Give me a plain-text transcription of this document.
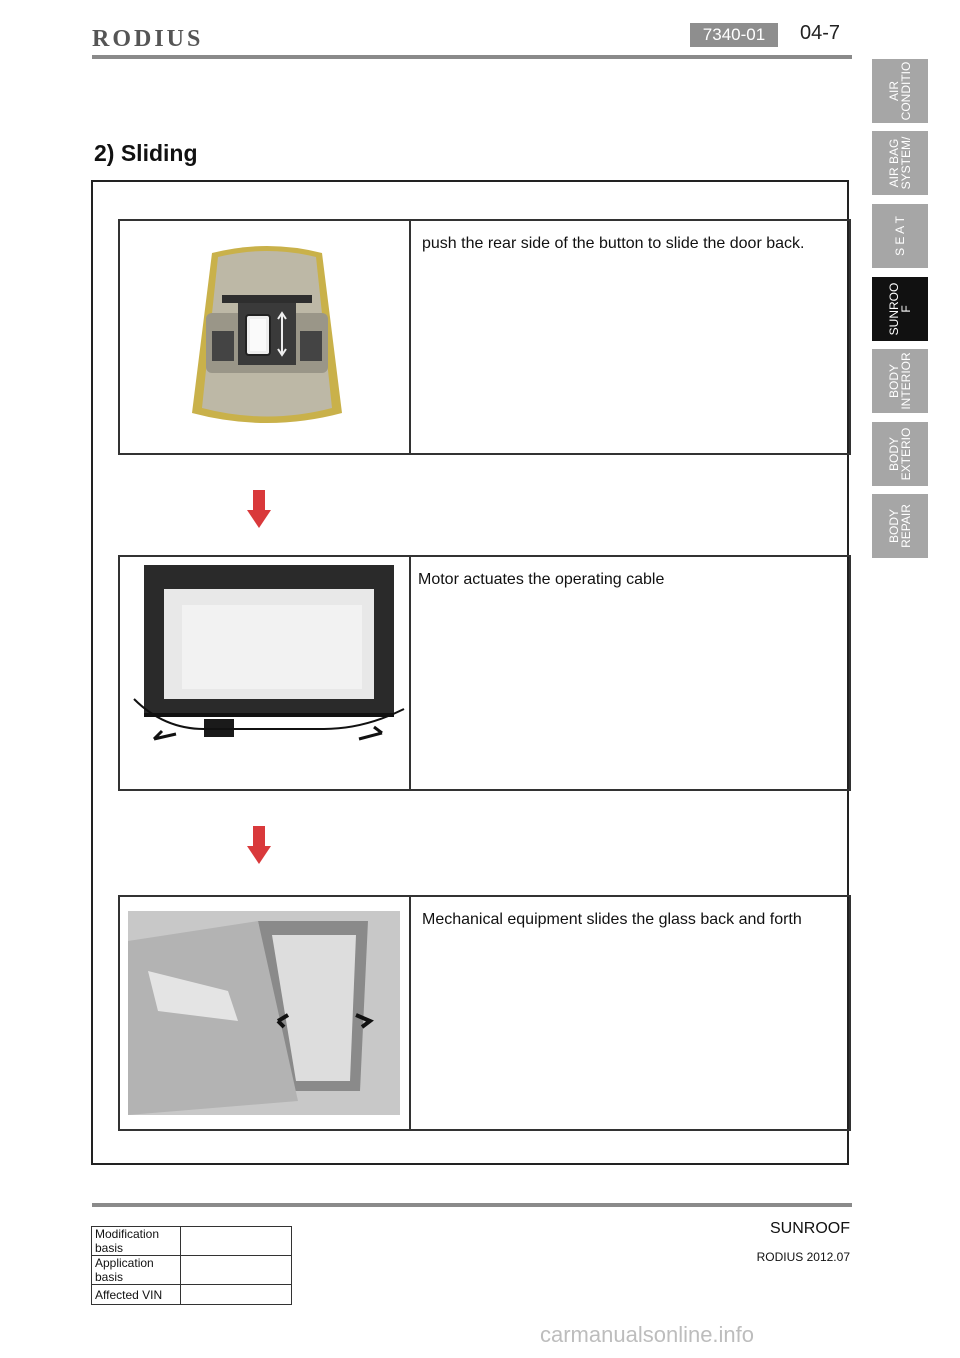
RODIUS	7340-01	04-7
AIR
CONDITIO
AIR BAG
SYSTEM/
S E A T
SUNROO
F
BODY
INTERIOR
BODY
EXTERIO
BODY
REPAIR
2) Sliding
push the rear side of the button to slide the door back.
Motor actuates the operating cable
Mechanical equipment slides the glass back and forth
Modification basis	
Application basis	
Affected VIN	
SUNROOF
RODIUS 2012.07
carmanualsonline.info
